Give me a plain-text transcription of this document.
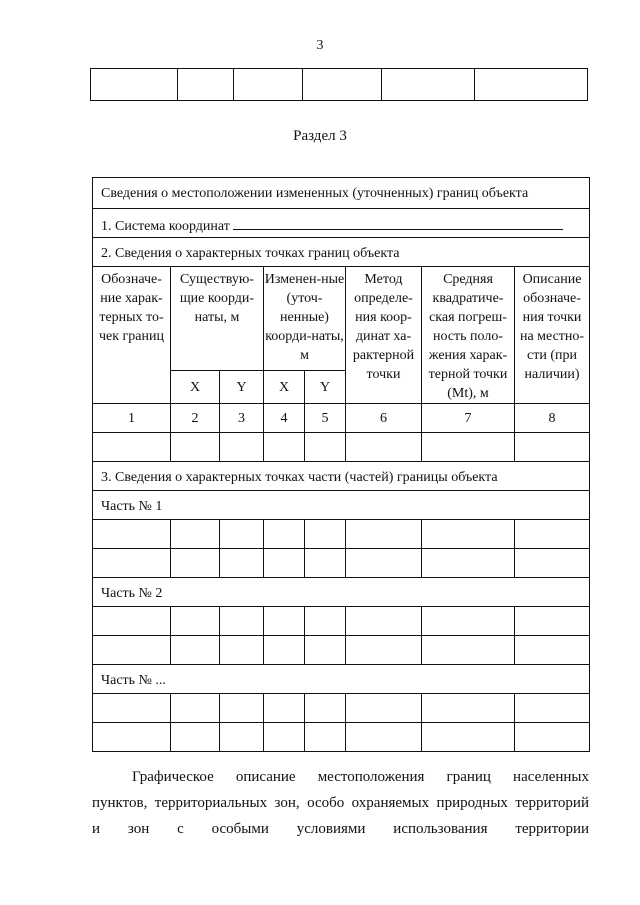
3

Раздел 3
Сведения о местоположении измененных (уточненных) границ объекта							
1. Система координат							
2. Сведения о характерных точках границ объекта							
Обозначе-ние харак-терных то-чек границ	Существую-щие коорди-наты, м		Изменен-ные (уточ-ненные) коорди-наты, м		Метод определе-ния коор-динат ха-рактерной точки	Средняя квадратиче-ская погреш-ность поло-жения харак-терной точки (Mt), м	Описание обозначе-ния точки на местно-сти (при наличии)
	X	Y	X	Y			
1	2	3	4	5	6	7	8

3. Сведения о характерных точках части (частей) границы объекта							
Часть № 1							

Часть № 2							

Часть № ...							

Графическое описание местоположения границ населенных
пунктов, территориальных зон, особо охраняемых природных территорий
и зон с особыми условиями использования территории
